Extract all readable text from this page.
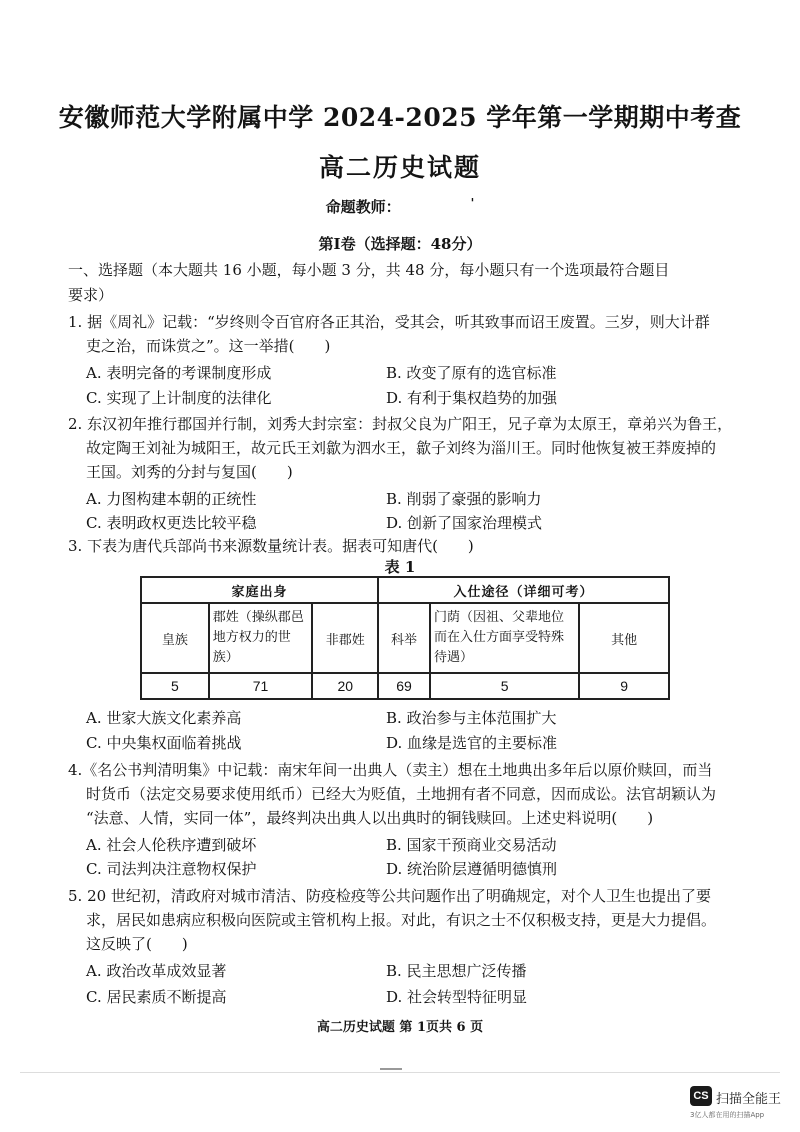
安徽师范大学附属中学 2024-2025 学年第一学期期中考查
高二历史试题
命题教师：	'
第Ⅰ卷（选择题：48分）
一、选择题（本大题共 16 小题，每小题 3 分，共 48 分，每小题只有一个选项最符合题目
要求）
1. 据《周礼》记载：“岁终则令百官府各正其治，受其会，听其致事而诏王废置。三岁，则大计群
吏之治，而诛赏之”。这一举措(　　)
A. 表明完备的考课制度形成	B. 改变了原有的选官标准
C. 实现了上计制度的法律化	D. 有利于集权趋势的加强
2. 东汉初年推行郡国并行制，刘秀大封宗室：封叔父良为广阳王，兄子章为太原王，章弟兴为鲁王，
故定陶王刘祉为城阳王，故元氏王刘歙为泗水王，歙子刘终为淄川王。同时他恢复被王莽废掉的
王国。刘秀的分封与复国(　　)
A. 力图构建本朝的正统性	B. 削弱了豪强的影响力
C. 表明政权更迭比较平稳	D. 创新了国家治理模式
3. 下表为唐代兵部尚书来源数量统计表。据表可知唐代(　　)
表 1
家庭出身			入仕途径（详细可考）		
皇族	郡姓（操纵郡邑地方权力的世族）	非郡姓	科举	门荫（因祖、父辈地位而在入仕方面享受特殊待遇）	其他
5	71	20	69	5	9
A. 世家大族文化素养高	B. 政治参与主体范围扩大
C. 中央集权面临着挑战	D. 血缘是选官的主要标准
4.《名公书判清明集》中记载：南宋年间一出典人（卖主）想在土地典出多年后以原价赎回，而当
时货币（法定交易要求使用纸币）已经大为贬值，土地拥有者不同意，因而成讼。法官胡颖认为
“法意、人情，实同一体”，最终判决出典人以出典时的铜钱赎回。上述史料说明(　　)
A. 社会人伦秩序遭到破坏	B. 国家干预商业交易活动
C. 司法判决注意物权保护	D. 统治阶层遵循明德慎刑
5. 20 世纪初，清政府对城市清洁、防疫检疫等公共问题作出了明确规定，对个人卫生也提出了要
求，居民如患病应积极向医院或主管机构上报。对此，有识之士不仅积极支持，更是大力提倡。
这反映了(　　)
A. 政治改革成效显著	B. 民主思想广泛传播
C. 居民素质不断提高	D. 社会转型特征明显
高二历史试题 第 1页共 6 页
CS 扫描全能王
3亿人都在用的扫描App
